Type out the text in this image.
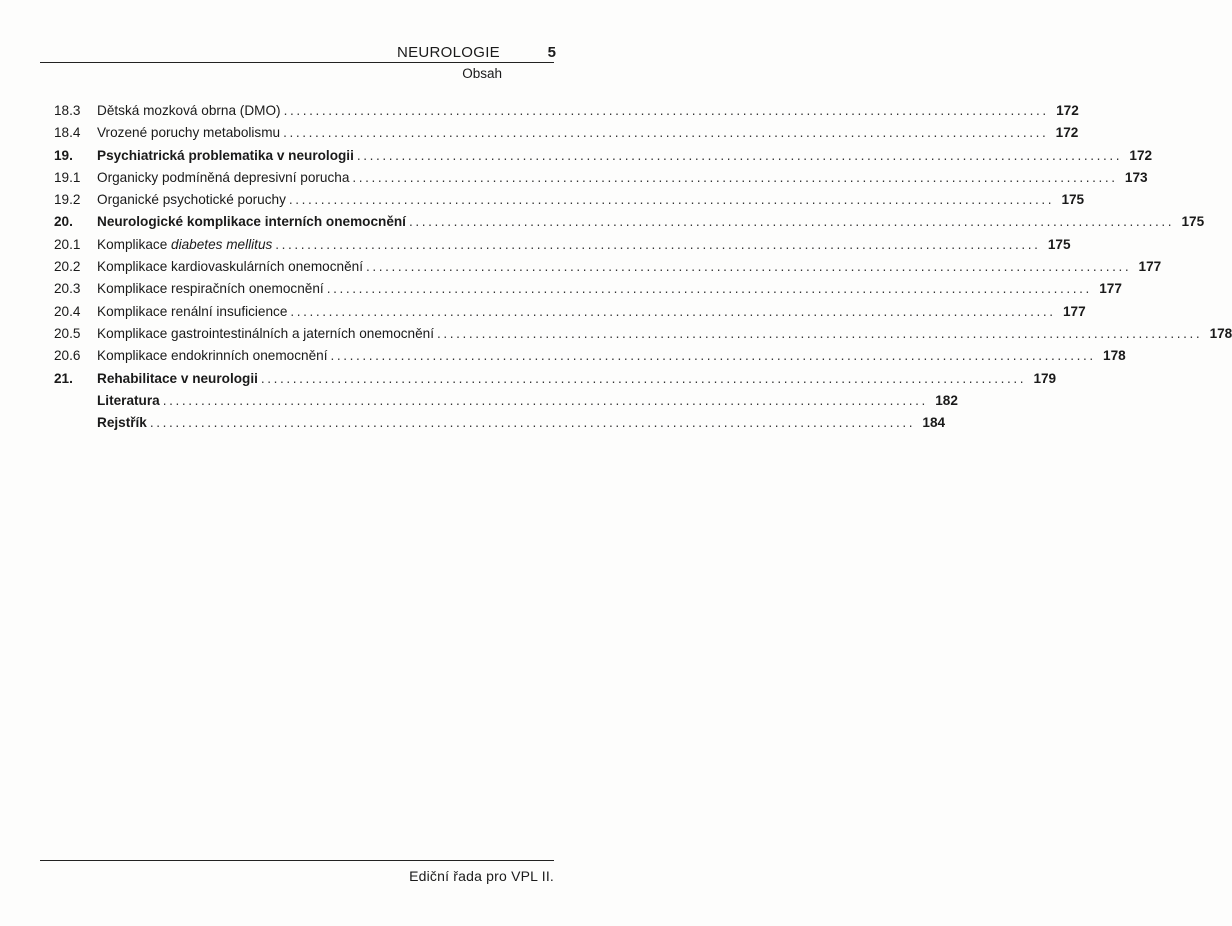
NEUROLOGIE	5
Obsah
18.3	Dětská mozková obrna (DMO) ........................................................................................................................ 172
18.4	Vrozené poruchy metabolismu ........................................................................................................................ 172
19.	Psychiatrická problematika v neurologii ........................................................................................................................ 172
19.1	Organicky podmíněná depresivní porucha ........................................................................................................................ 173
19.2	Organické psychotické poruchy ........................................................................................................................ 175
20.	Neurologické komplikace interních onemocnění ........................................................................................................................ 175
20.1	Komplikace diabetes mellitus ........................................................................................................................ 175
20.2	Komplikace kardiovaskulárních onemocnění ........................................................................................................................ 177
20.3	Komplikace respiračních onemocnění ........................................................................................................................ 177
20.4	Komplikace renální insuficience ........................................................................................................................ 177
20.5	Komplikace gastrointestinálních a jaterních onemocnění ........................................................................................................................ 178
20.6	Komplikace endokrinních onemocnění ........................................................................................................................ 178
21.	Rehabilitace v neurologii ........................................................................................................................ 179
Literatura ........................................................................................................................ 182
Rejstřík ........................................................................................................................ 184
Ediční řada pro VPL II.
